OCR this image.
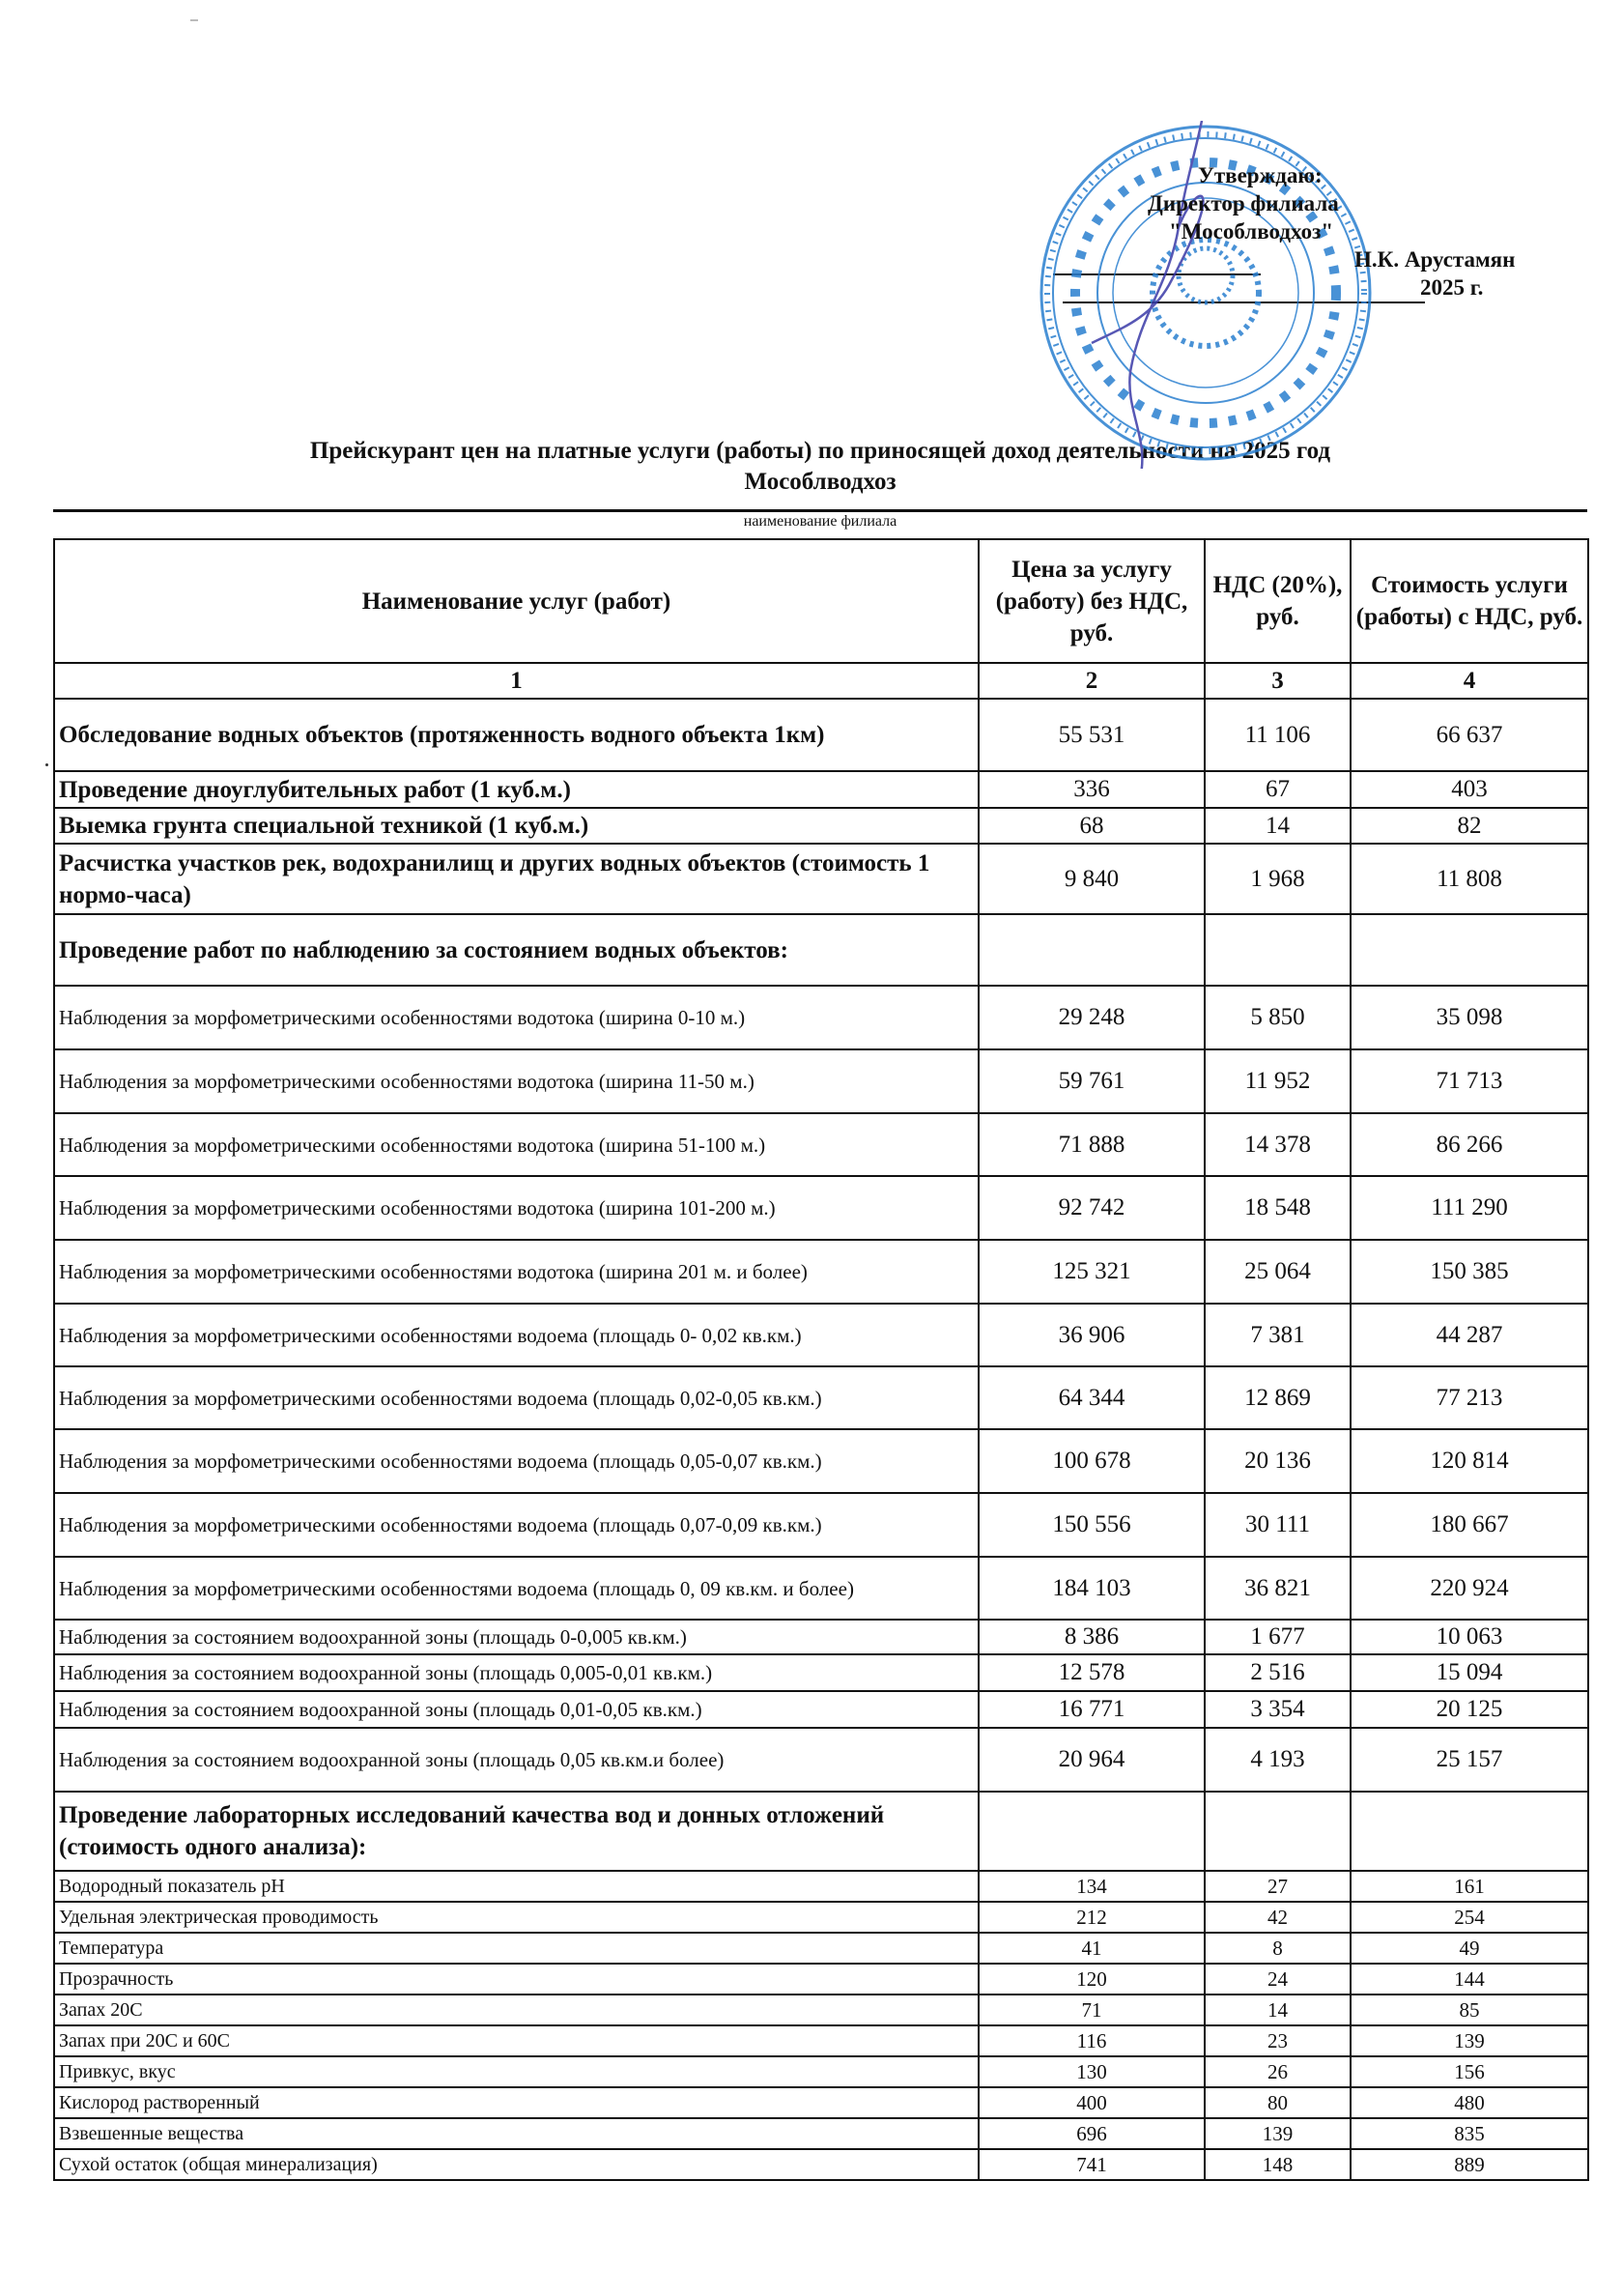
Утверждаю:
Директор филиала
"Мособлводхоз"
Н.К. Арустамян
2025 г.
Прейскурант цен на платные услуги (работы) по приносящей доход деятельности на 2025 год
Мособлводхоз
наименование филиала
Наименование услуг (работ)	Цена за услугу (работу) без НДС, руб.	НДС (20%), руб.	Стоимость услуги (работы) с НДС, руб.
1	2	3	4
Обследование водных объектов (протяженность водного объекта 1км)	55 531	11 106	66 637
Проведение дноуглубительных работ (1 куб.м.)	336	67	403
Выемка грунта специальной техникой (1 куб.м.)	68	14	82
Расчистка участков рек, водохранилищ и других водных объектов (стоимость 1 нормо-часа)	9 840	1 968	11 808
Проведение работ по наблюдению за состоянием водных объектов:			
Наблюдения за морфометрическими особенностями водотока (ширина 0-10 м.)	29 248	5 850	35 098
Наблюдения за морфометрическими особенностями водотока (ширина 11-50 м.)	59 761	11 952	71 713
Наблюдения за морфометрическими особенностями водотока (ширина 51-100 м.)	71 888	14 378	86 266
Наблюдения за морфометрическими особенностями водотока (ширина 101-200 м.)	92 742	18 548	111 290
Наблюдения за морфометрическими особенностями водотока (ширина 201 м. и более)	125 321	25 064	150 385
Наблюдения за морфометрическими особенностями водоема (площадь 0- 0,02 кв.км.)	36 906	7 381	44 287
Наблюдения за морфометрическими особенностями водоема (площадь 0,02-0,05 кв.км.)	64 344	12 869	77 213
Наблюдения за морфометрическими особенностями водоема (площадь 0,05-0,07 кв.км.)	100 678	20 136	120 814
Наблюдения за морфометрическими особенностями водоема (площадь 0,07-0,09 кв.км.)	150 556	30 111	180 667
Наблюдения за морфометрическими особенностями водоема (площадь 0, 09 кв.км. и более)	184 103	36 821	220 924
Наблюдения за состоянием водоохранной зоны (площадь 0-0,005 кв.км.)	8 386	1 677	10 063
Наблюдения за состоянием водоохранной зоны (площадь 0,005-0,01 кв.км.)	12 578	2 516	15 094
Наблюдения за состоянием водоохранной зоны (площадь 0,01-0,05 кв.км.)	16 771	3 354	20 125
Наблюдения за состоянием водоохранной зоны (площадь 0,05 кв.км.и более)	20 964	4 193	25 157
Проведение лабораторных исследований качества вод и донных отложений (стоимость одного анализа):			
Водородный показатель pH	134	27	161
Удельная электрическая проводимость	212	42	254
Температура	41	8	49
Прозрачность	120	24	144
Запах 20С	71	14	85
Запах при 20С и 60С	116	23	139
Привкус, вкус	130	26	156
Кислород растворенный	400	80	480
Взвешенные вещества	696	139	835
Сухой остаток (общая минерализация)	741	148	889
